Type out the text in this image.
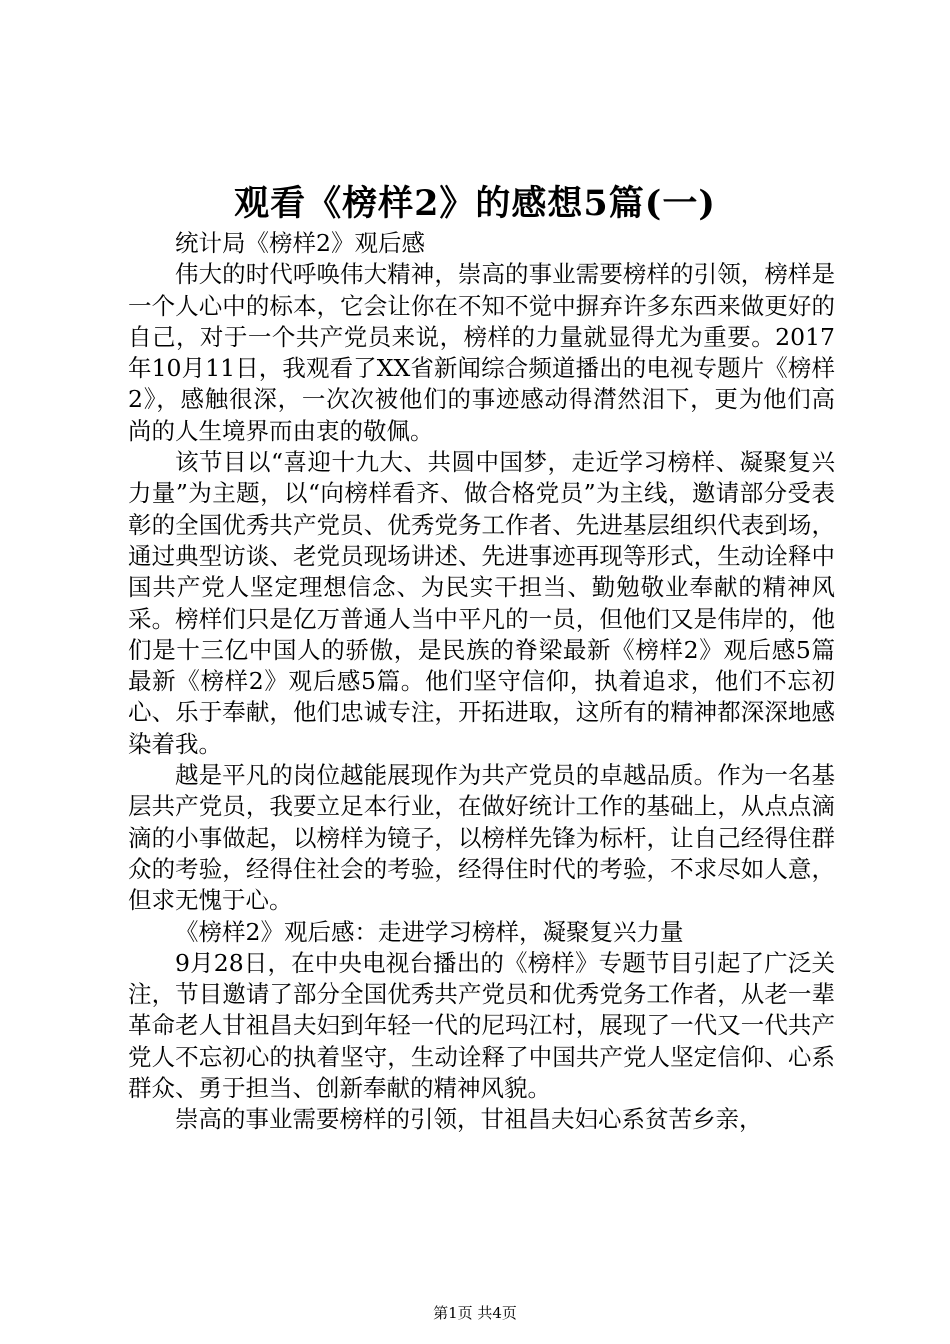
观看《榜样2》的感想5篇(一)

统计局《榜样2》观后感

伟大的时代呼唤伟大精神，崇高的事业需要榜样的引领，榜样是一个人心中的标本，它会让你在不知不觉中摒弃许多东西来做更好的自己，对于一个共产党员来说，榜样的力量就显得尤为重要。2017年10月11日，我观看了XX省新闻综合频道播出的电视专题片《榜样2》，感触很深，一次次被他们的事迹感动得潸然泪下，更为他们高尚的人生境界而由衷的敬佩。

该节目以“喜迎十九大、共圆中国梦，走近学习榜样、凝聚复兴力量”为主题，以“向榜样看齐、做合格党员”为主线，邀请部分受表彰的全国优秀共产党员、优秀党务工作者、先进基层组织代表到场，通过典型访谈、老党员现场讲述、先进事迹再现等形式，生动诠释中国共产党人坚定理想信念、为民实干担当、勤勉敬业奉献的精神风采。榜样们只是亿万普通人当中平凡的一员，但他们又是伟岸的，他们是十三亿中国人的骄傲，是民族的脊梁最新《榜样2》观后感5篇最新《榜样2》观后感5篇。他们坚守信仰，执着追求，他们不忘初心、乐于奉献，他们忠诚专注，开拓进取，这所有的精神都深深地感染着我。

越是平凡的岗位越能展现作为共产党员的卓越品质。作为一名基层共产党员，我要立足本行业，在做好统计工作的基础上，从点点滴滴的小事做起，以榜样为镜子，以榜样先锋为标杆，让自己经得住群众的考验，经得住社会的考验，经得住时代的考验，不求尽如人意，但求无愧于心。

《榜样2》观后感：走进学习榜样，凝聚复兴力量

9月28日，在中央电视台播出的《榜样》专题节目引起了广泛关注，节目邀请了部分全国优秀共产党员和优秀党务工作者，从老一辈革命老人甘祖昌夫妇到年轻一代的尼玛江村，展现了一代又一代共产党人不忘初心的执着坚守，生动诠释了中国共产党人坚定信仰、心系群众、勇于担当、创新奉献的精神风貌。

崇高的事业需要榜样的引领，甘祖昌夫妇心系贫苦乡亲，

第1页 共4页
